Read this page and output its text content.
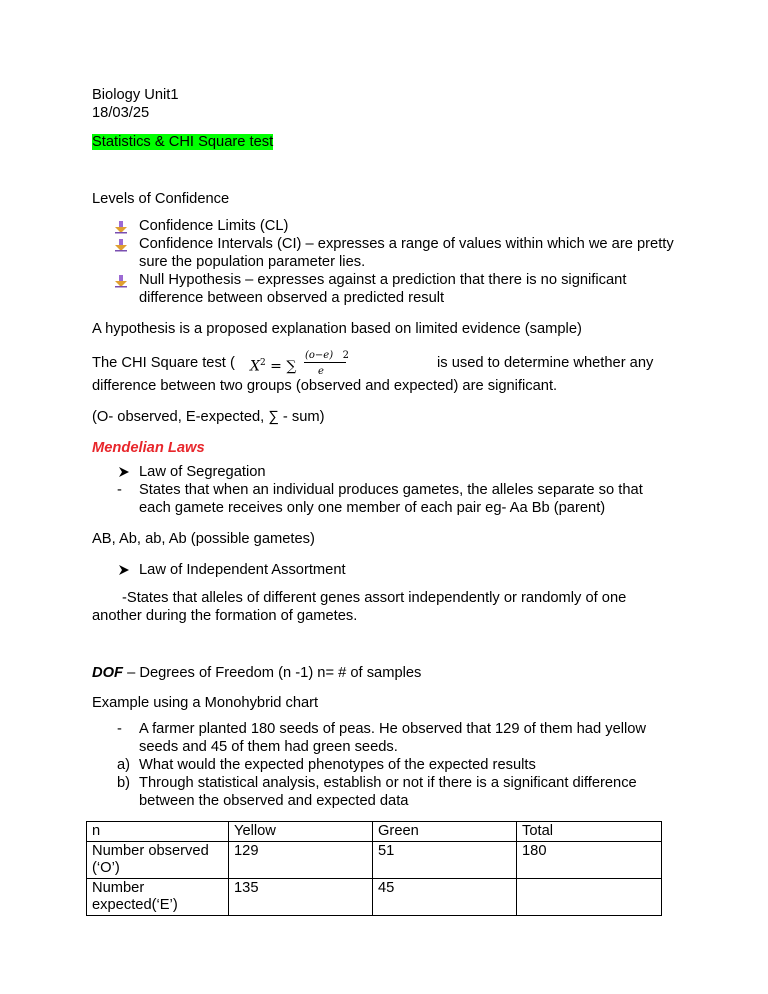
Biology Unit1
18/03/25
Statistics & CHI Square test
Levels of Confidence
Confidence Limits (CL)
Confidence Intervals (CI) – expresses a range of values within which we are pretty sure the population parameter lies.
Null Hypothesis – expresses against a prediction that there is no significant difference between observed a predicted result
A hypothesis is a proposed explanation based on limited evidence (sample)
The CHI Square test ( $X^2$ = ∑
(o−e) 2
e
is used to determine whether any
difference between two groups (observed and expected) are significant.
(O- observed, E-expected, ∑ - sum)
Mendelian Laws
Law of Segregation
- States that when an individual produces gametes, the alleles separate so that
each gamete receives only one member of each pair eg- Aa Bb (parent)
AB, Ab, ab, Ab (possible gametes)
Law of Independent Assortment
-States that alleles of different genes assort independently or randomly of one
another during the formation of gametes.
DOF – Degrees of Freedom (n -1) n= # of samples
Example using a Monohybrid chart
- A farmer planted 180 seeds of peas. He observed that 129 of them had yellow
seeds and 45 of them had green seeds.
a) What would the expected phenotypes of the expected results
b) Through statistical analysis, establish or not if there is a significant difference
between the observed and expected data
n	Yellow	Green	Total
Number observed (‘O’)	129	51	180
Number expected(‘E’)	135	45	
